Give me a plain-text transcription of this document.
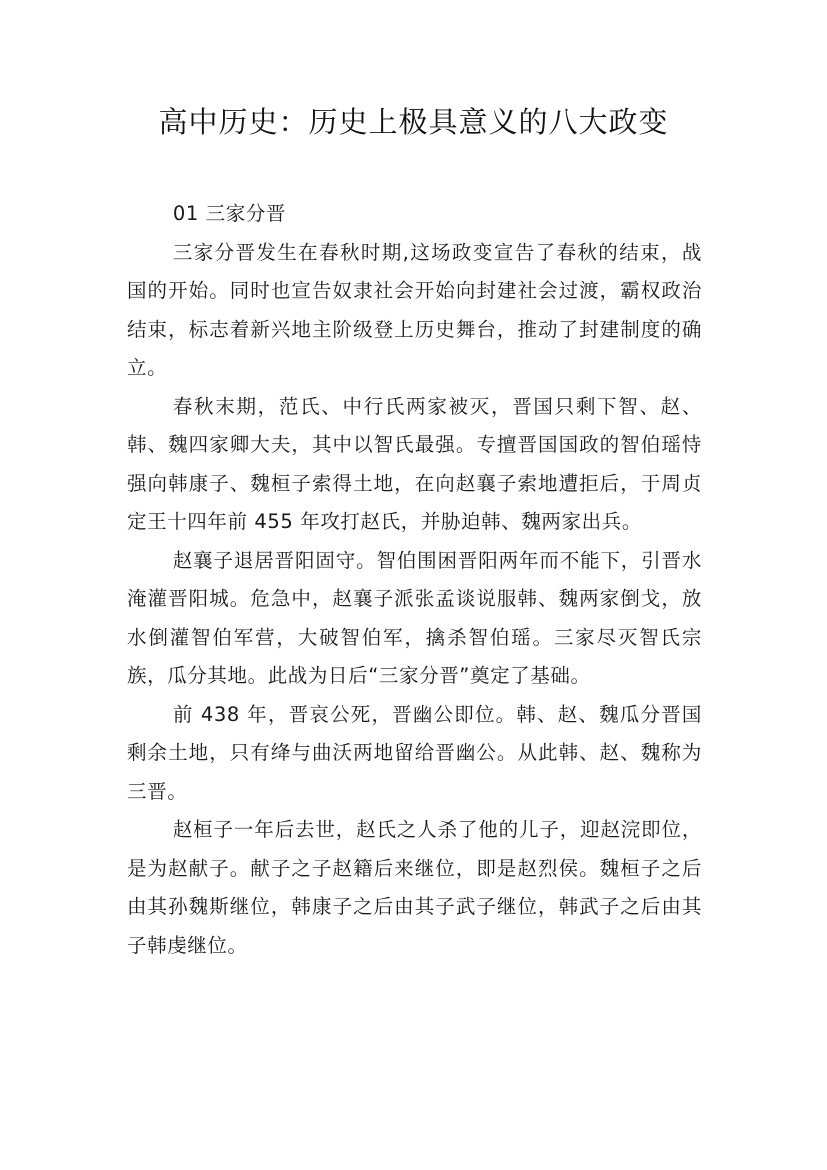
高中历史：历史上极具意义的八大政变

01 三家分晋

三家分晋发生在春秋时期,这场政变宣告了春秋的结束，战国的开始。同时也宣告奴隶社会开始向封建社会过渡，霸权政治结束，标志着新兴地主阶级登上历史舞台，推动了封建制度的确立。

春秋末期，范氏、中行氏两家被灭，晋国只剩下智、赵、韩、魏四家卿大夫，其中以智氏最强。专擅晋国国政的智伯瑶恃强向韩康子、魏桓子索得土地，在向赵襄子索地遭拒后，于周贞定王十四年前 455 年攻打赵氏，并胁迫韩、魏两家出兵。

赵襄子退居晋阳固守。智伯围困晋阳两年而不能下，引晋水淹灌晋阳城。危急中，赵襄子派张孟谈说服韩、魏两家倒戈，放水倒灌智伯军营，大破智伯军，擒杀智伯瑶。三家尽灭智氏宗族，瓜分其地。此战为日后“三家分晋”奠定了基础。

前 438 年，晋哀公死，晋幽公即位。韩、赵、魏瓜分晋国剩余土地，只有绛与曲沃两地留给晋幽公。从此韩、赵、魏称为三晋。

赵桓子一年后去世，赵氏之人杀了他的儿子，迎赵浣即位，是为赵献子。献子之子赵籍后来继位，即是赵烈侯。魏桓子之后由其孙魏斯继位，韩康子之后由其子武子继位，韩武子之后由其子韩虔继位。
